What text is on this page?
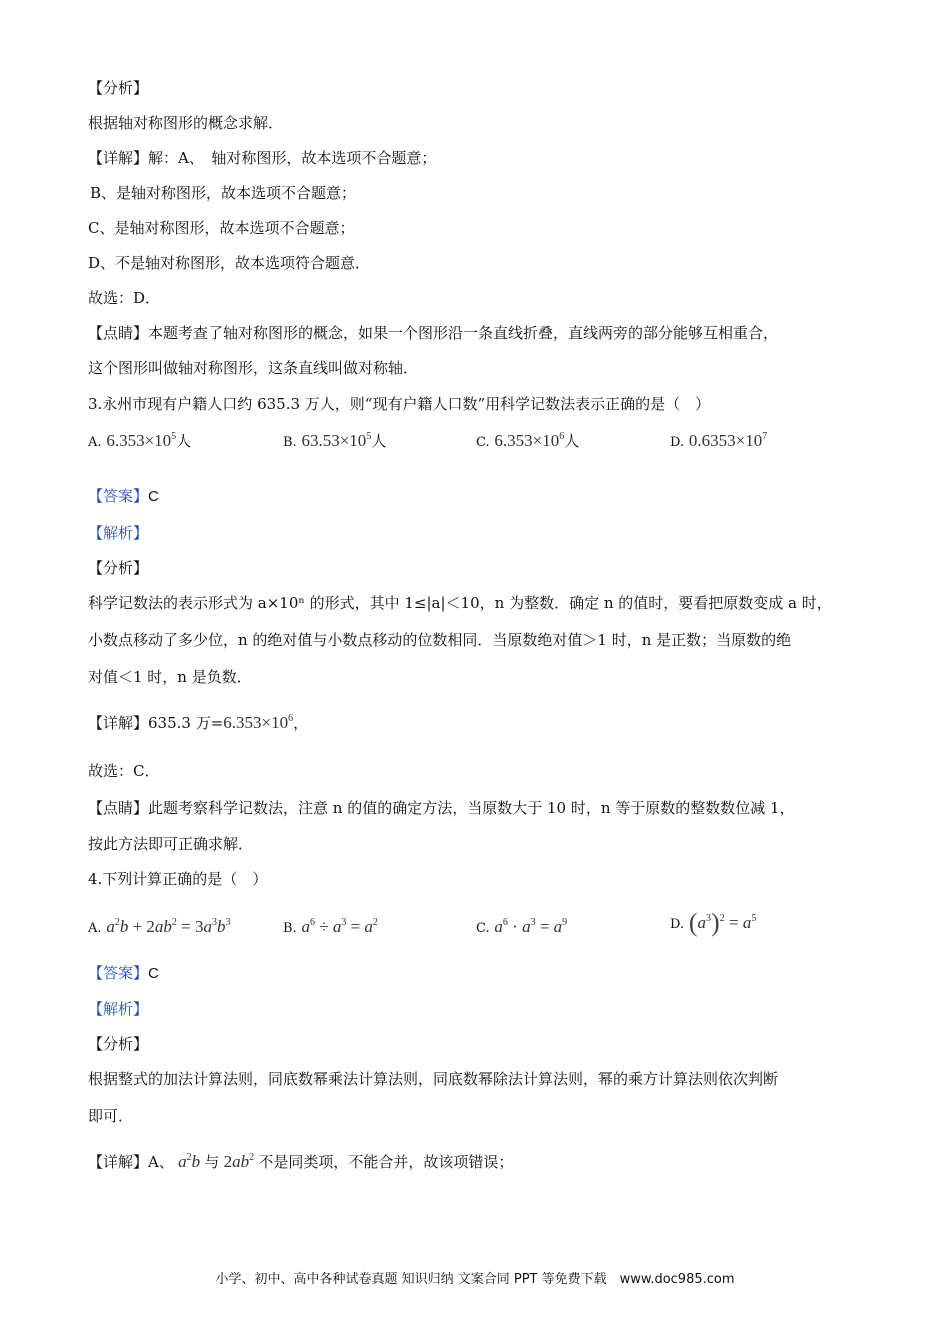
【分析】
根据轴对称图形的概念求解．
【详解】解：A、　轴对称图形，故本选项不合题意；
B、是轴对称图形，故本选项不合题意；
C、是轴对称图形，故本选项不合题意；
D、不是轴对称图形，故本选项符合题意．
故选：D．
【点睛】本题考查了轴对称图形的概念，如果一个图形沿一条直线折叠，直线两旁的部分能够互相重合，
这个图形叫做轴对称图形，这条直线叫做对称轴．
3.永州市现有户籍人口约 635.3 万人，则“现有户籍人口数”用科学记数法表示正确的是（　）
A. $6.353\times 10^5$人	B. $63.53\times 10^5$人	C. $6.353\times 10^6$人	D. $0.6353\times 10^7$
【答案】C
【解析】
【分析】
科学记数法的表示形式为 a×10ⁿ 的形式，其中 1≤|a|＜10，n 为整数．确定 n 的值时，要看把原数变成 a 时，
小数点移动了多少位，n 的绝对值与小数点移动的位数相同．当原数绝对值＞1 时，n 是正数；当原数的绝
对值＜1 时，n 是负数．
【详解】635.3 万$=6.353\times 10^6$，
故选：C．
【点睛】此题考察科学记数法，注意 n 的值的确定方法，当原数大于 10 时，n 等于原数的整数数位减 1，
按此方法即可正确求解．
4.下列计算正确的是（　）
A. $a^2b + 2ab^2 = 3a^3b^3$	B. $a^6 \div a^3 = a^2$	C. $a^6 \cdot a^3 = a^9$	D. $(a^3)^2 = a^5$
【答案】C
【解析】
【分析】
根据整式的加法计算法则，同底数幂乘法计算法则，同底数幂除法计算法则，幂的乘方计算法则依次判断
即可．
【详解】A、 $a^2b$ 与 $2ab^2$ 不是同类项，不能合并，故该项错误；
小学、初中、高中各种试卷真题 知识归纳 文案合同 PPT 等免费下载　www.doc985.com
